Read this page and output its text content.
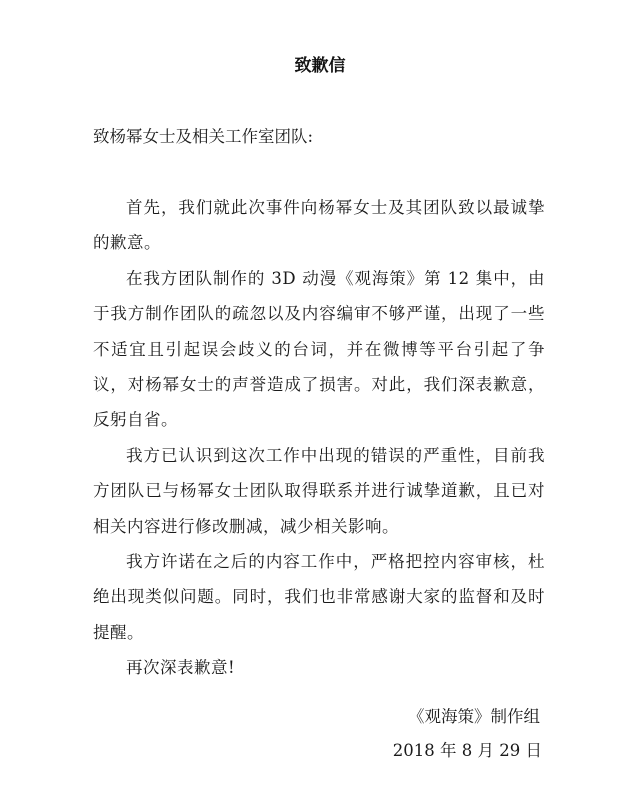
致歉信
致杨幂女士及相关工作室团队:

首先，我们就此次事件向杨幂女士及其团队致以最诚挚的歉意。

在我方团队制作的 3D 动漫《观海策》第 12 集中，由于我方制作团队的疏忽以及内容编审不够严谨，出现了一些不适宜且引起误会歧义的台词，并在微博等平台引起了争议，对杨幂女士的声誉造成了损害。对此，我们深表歉意，反躬自省。

我方已认识到这次工作中出现的错误的严重性，目前我方团队已与杨幂女士团队取得联系并进行诚挚道歉，且已对相关内容进行修改删减，减少相关影响。

我方许诺在之后的内容工作中，严格把控内容审核，杜绝出现类似问题。同时，我们也非常感谢大家的监督和及时提醒。

再次深表歉意!

《观海策》制作组
2018 年 8 月 29 日
